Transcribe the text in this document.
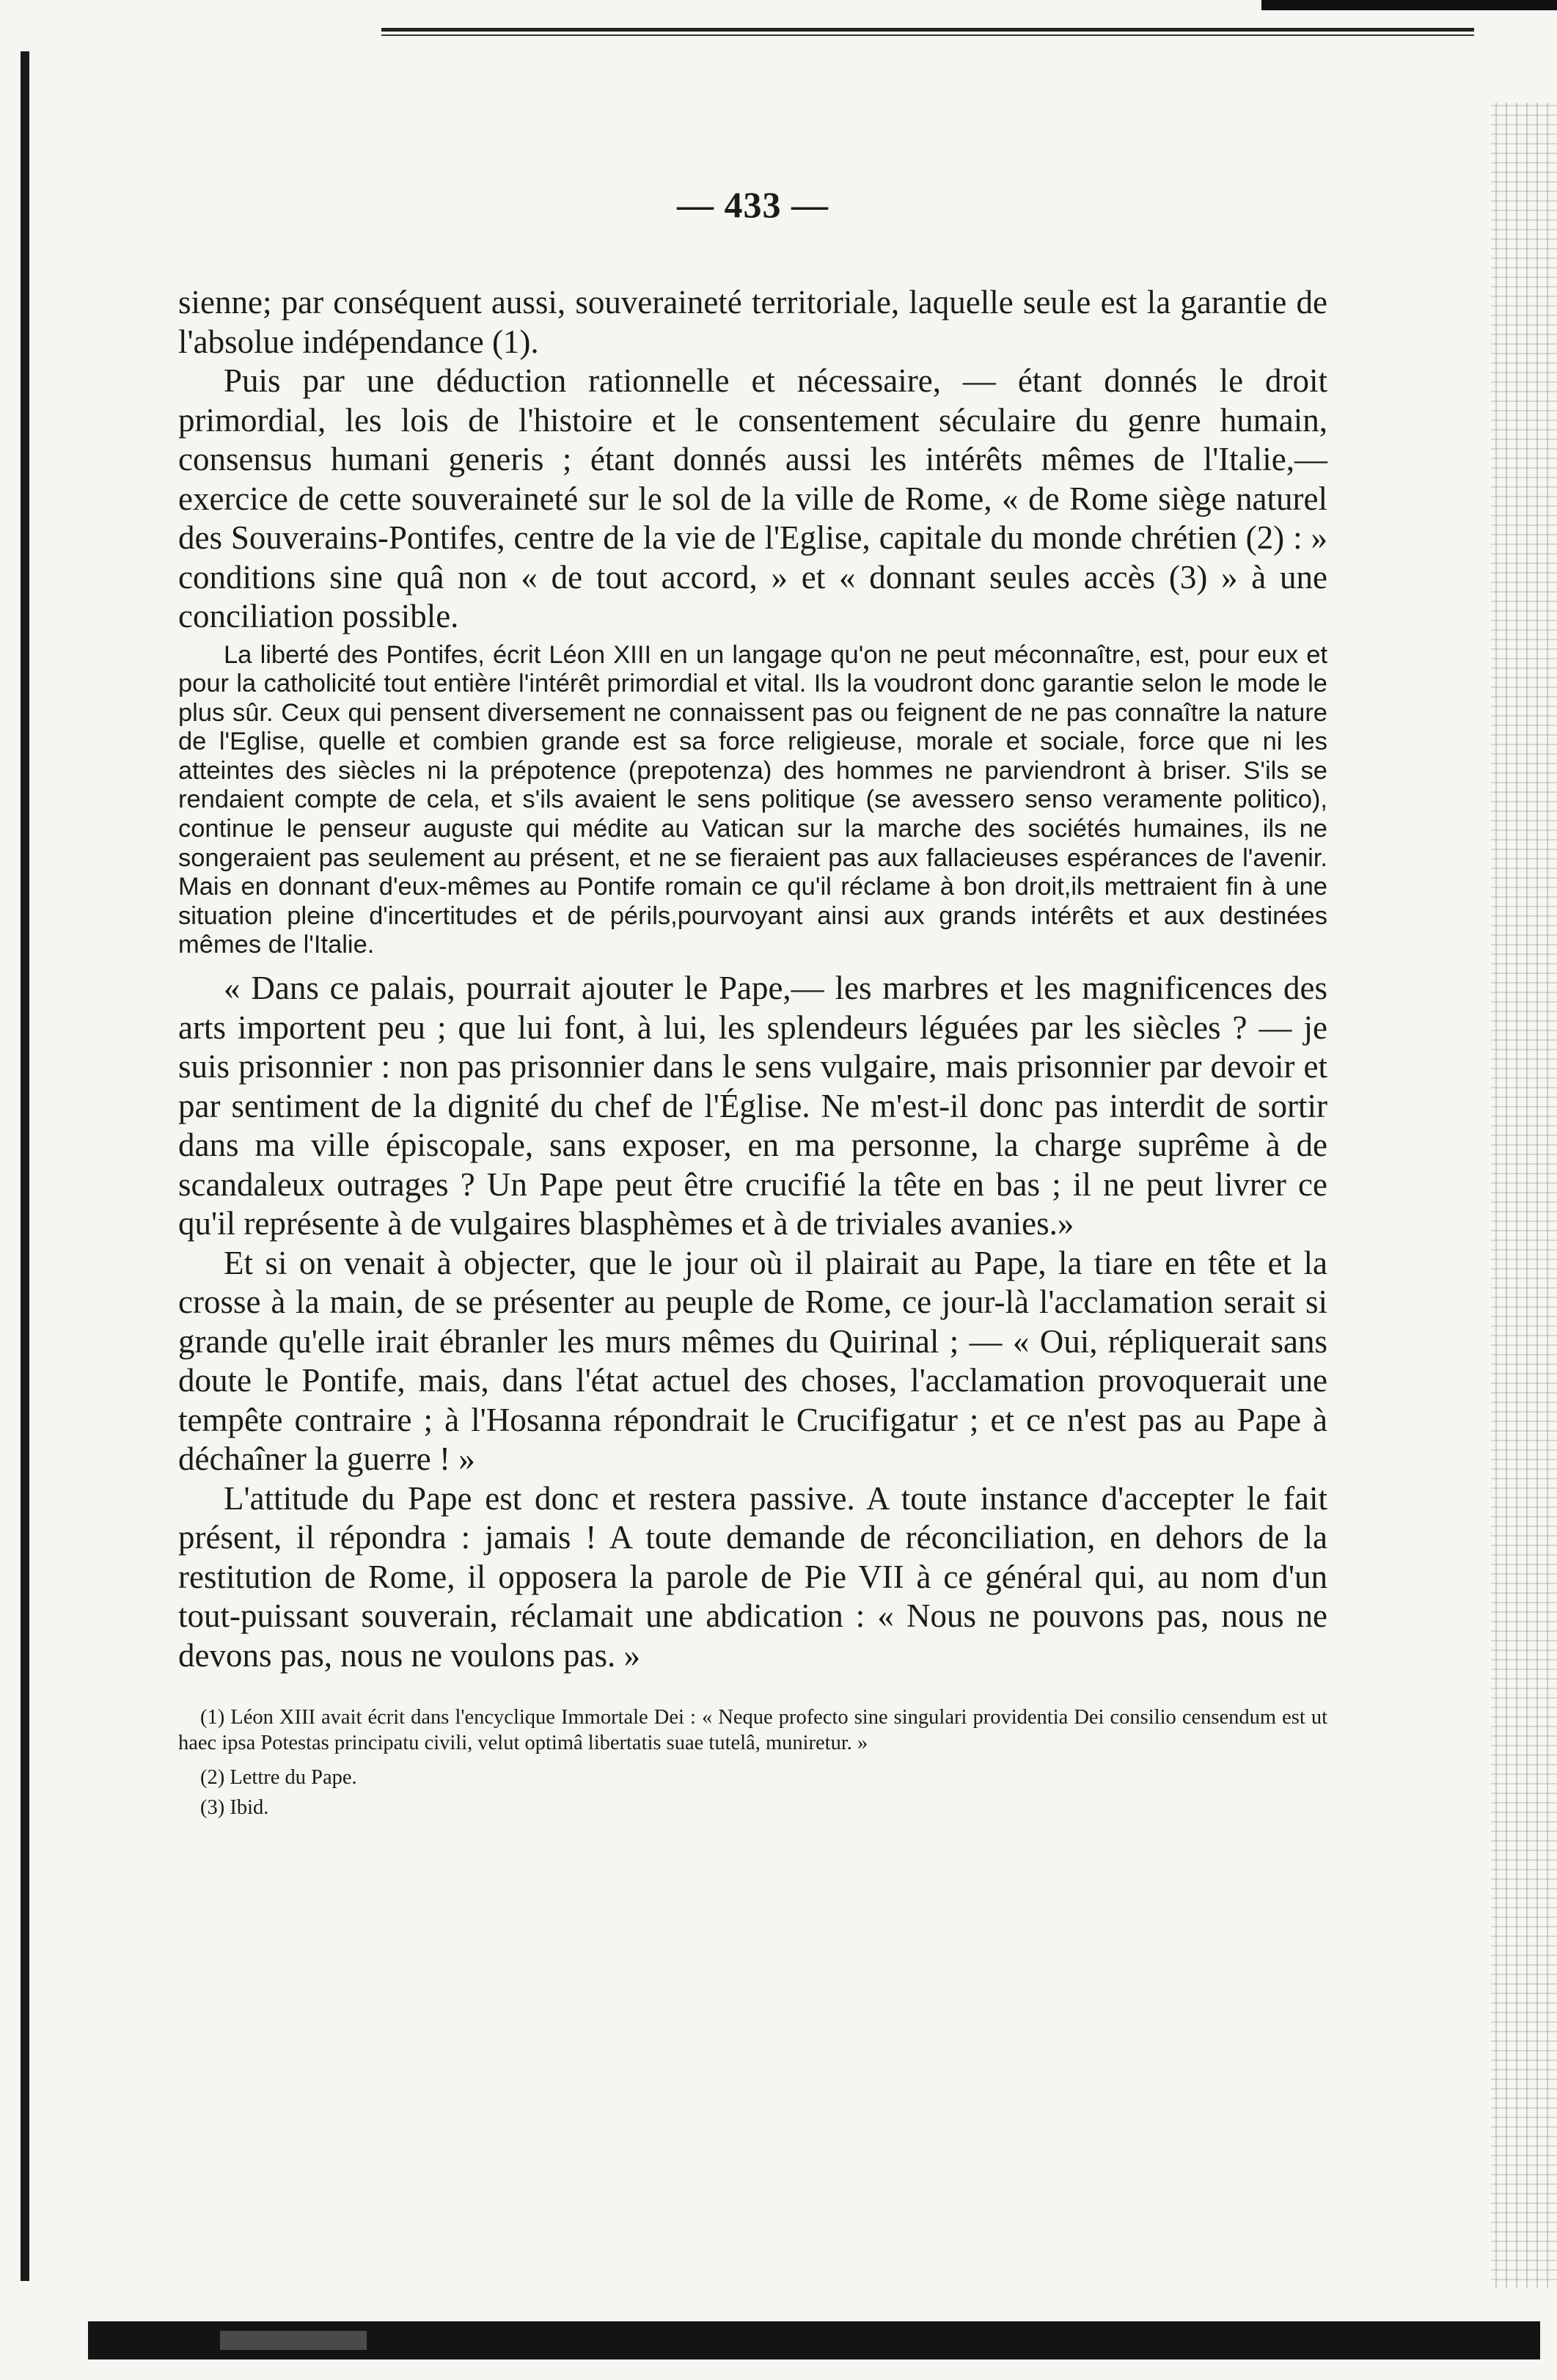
— 433 —

sienne; par conséquent aussi, souveraineté territoriale, laquelle seule est la garantie de l'absolue indépendance (1).

Puis par une déduction rationnelle et nécessaire, — étant donnés le droit primordial, les lois de l'histoire et le consentement séculaire du genre humain, consensus humani generis ; étant donnés aussi les intérêts mêmes de l'Italie,— exercice de cette souveraineté sur le sol de la ville de Rome, « de Rome siège naturel des Souverains-Pontifes, centre de la vie de l'Eglise, capitale du monde chrétien (2) : » conditions sine quâ non « de tout accord, » et « donnant seules accès (3) » à une conciliation possible.

La liberté des Pontifes, écrit Léon XIII en un langage qu'on ne peut méconnaître, est, pour eux et pour la catholicité tout entière l'intérêt primordial et vital. Ils la voudront donc garantie selon le mode le plus sûr. Ceux qui pensent diversement ne connaissent pas ou feignent de ne pas connaître la nature de l'Eglise, quelle et combien grande est sa force religieuse, morale et sociale, force que ni les atteintes des siècles ni la prépotence (prepotenza) des hommes ne parviendront à briser. S'ils se rendaient compte de cela, et s'ils avaient le sens politique (se avessero senso veramente politico), continue le penseur auguste qui médite au Vatican sur la marche des sociétés humaines, ils ne songeraient pas seulement au présent, et ne se fieraient pas aux fallacieuses espérances de l'avenir. Mais en donnant d'eux-mêmes au Pontife romain ce qu'il réclame à bon droit,ils mettraient fin à une situation pleine d'incertitudes et de périls,pourvoyant ainsi aux grands intérêts et aux destinées mêmes de l'Italie.

« Dans ce palais, pourrait ajouter le Pape,— les marbres et les magnificences des arts importent peu ; que lui font, à lui, les splendeurs léguées par les siècles ? — je suis prisonnier : non pas prisonnier dans le sens vulgaire, mais prisonnier par devoir et par sentiment de la dignité du chef de l'Église. Ne m'est-il donc pas interdit de sortir dans ma ville épiscopale, sans exposer, en ma personne, la charge suprême à de scandaleux outrages ? Un Pape peut être crucifié la tête en bas ; il ne peut livrer ce qu'il représente à de vulgaires blasphèmes et à de triviales avanies.»

Et si on venait à objecter, que le jour où il plairait au Pape, la tiare en tête et la crosse à la main, de se présenter au peuple de Rome, ce jour-là l'acclamation serait si grande qu'elle irait ébranler les murs mêmes du Quirinal ; — « Oui, répliquerait sans doute le Pontife, mais, dans l'état actuel des choses, l'acclamation provoquerait une tempête contraire ; à l'Hosanna répondrait le Crucifigatur ; et ce n'est pas au Pape à déchaîner la guerre ! »

L'attitude du Pape est donc et restera passive. A toute instance d'accepter le fait présent, il répondra : jamais ! A toute demande de réconciliation, en dehors de la restitution de Rome, il opposera la parole de Pie VII à ce général qui, au nom d'un tout-puissant souverain, réclamait une abdication : « Nous ne pouvons pas, nous ne devons pas, nous ne voulons pas. »

(1) Léon XIII avait écrit dans l'encyclique Immortale Dei : « Neque profecto sine singulari providentia Dei consilio censendum est ut haec ipsa Potestas principatu civili, velut optimâ libertatis suae tutelâ, muniretur. »

(2) Lettre du Pape.

(3) Ibid.
